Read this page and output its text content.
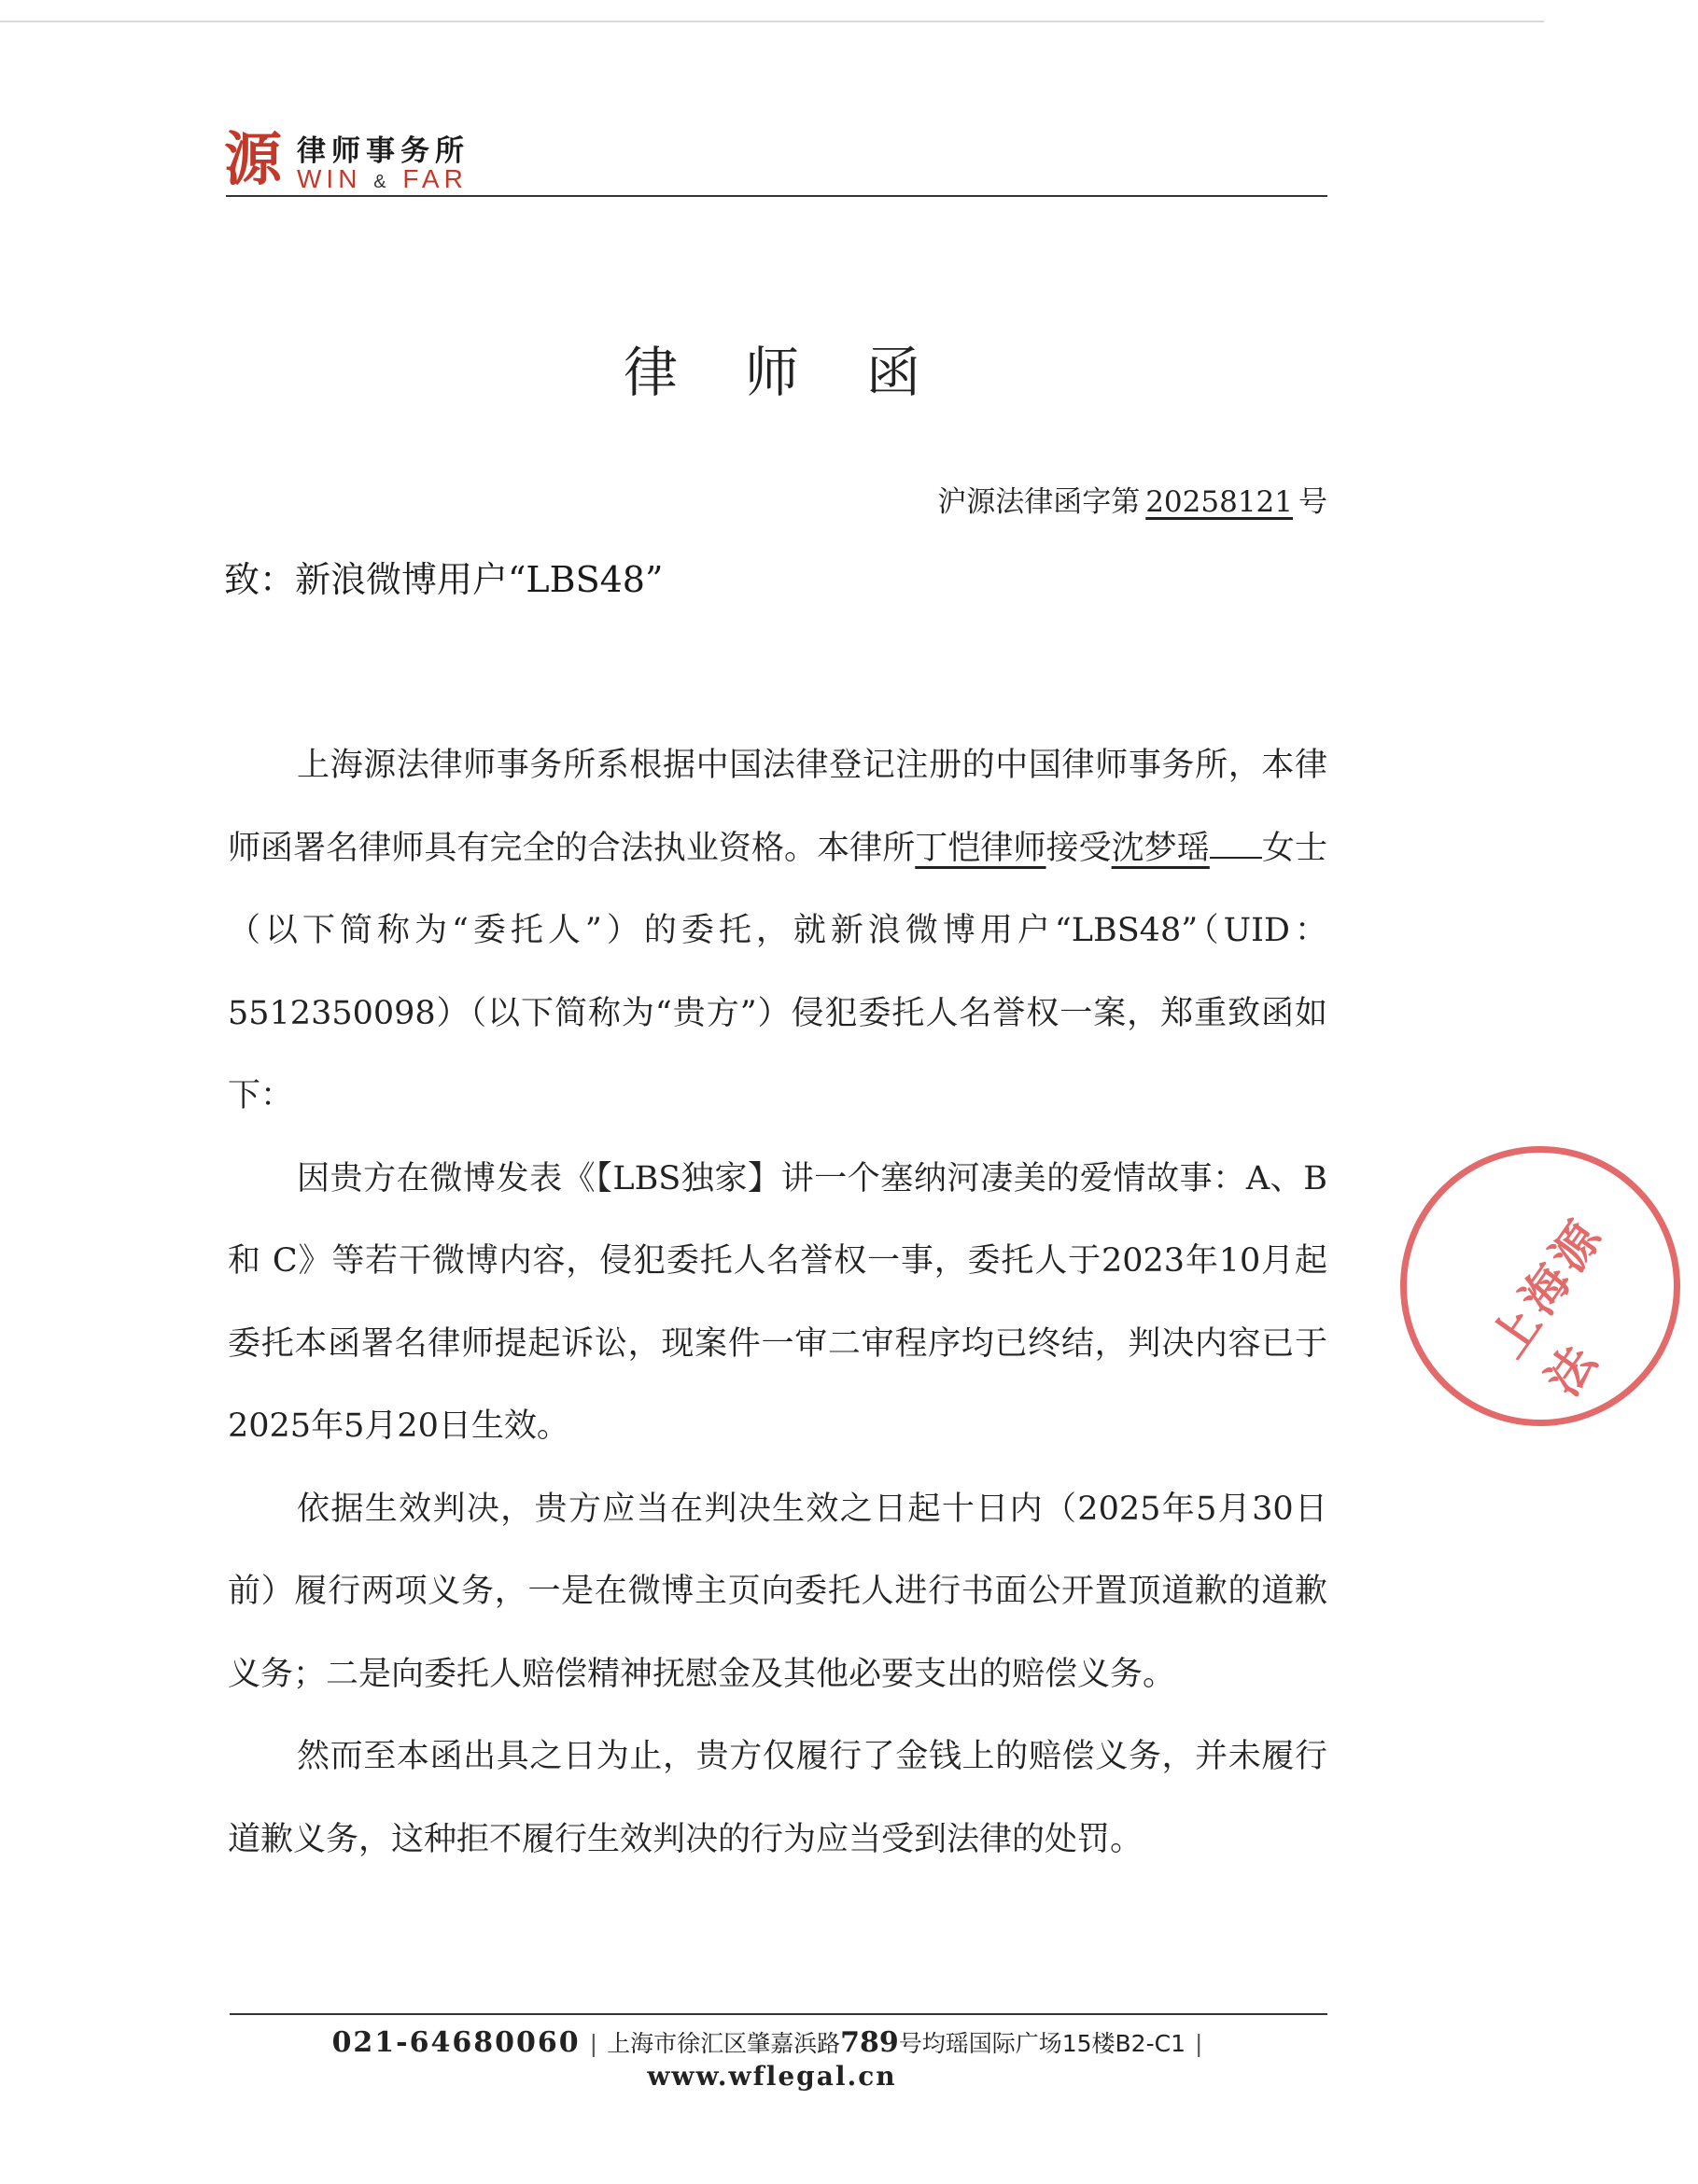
源 律师事务所
WIN & FAR
律师函
沪源法律函字第 20258121 号
致：新浪微博用户“LBS48”

上海源法律师事务所系根据中国法律登记注册的中国律师事务所，本律师函署名律师具有完全的合法执业资格。本律所丁恺律师接受沈梦瑶 女士（以下简称为“委托人”）的委托，就新浪微博用户“LBS48”（UID：5512350098）（以下简称为“贵方”）侵犯委托人名誉权一案，郑重致函如下：

因贵方在微博发表《【LBS独家】讲一个塞纳河凄美的爱情故事：A、B 和 C》等若干微博内容，侵犯委托人名誉权一事，委托人于2023年10月起委托本函署名律师提起诉讼，现案件一审二审程序均已终结，判决内容已于2025年5月20日生效。

依据生效判决，贵方应当在判决生效之日起十日内（2025年5月30日前）履行两项义务，一是在微博主页向委托人进行书面公开置顶道歉的道歉义务；二是向委托人赔偿精神抚慰金及其他必要支出的赔偿义务。

然而至本函出具之日为止，贵方仅履行了金钱上的赔偿义务，并未履行道歉义务，这种拒不履行生效判决的行为应当受到法律的处罚。

上海源法
021-64680060 | 上海市徐汇区肇嘉浜路789号均瑶国际广场15楼B2-C1 |
www.wflegal.cn
